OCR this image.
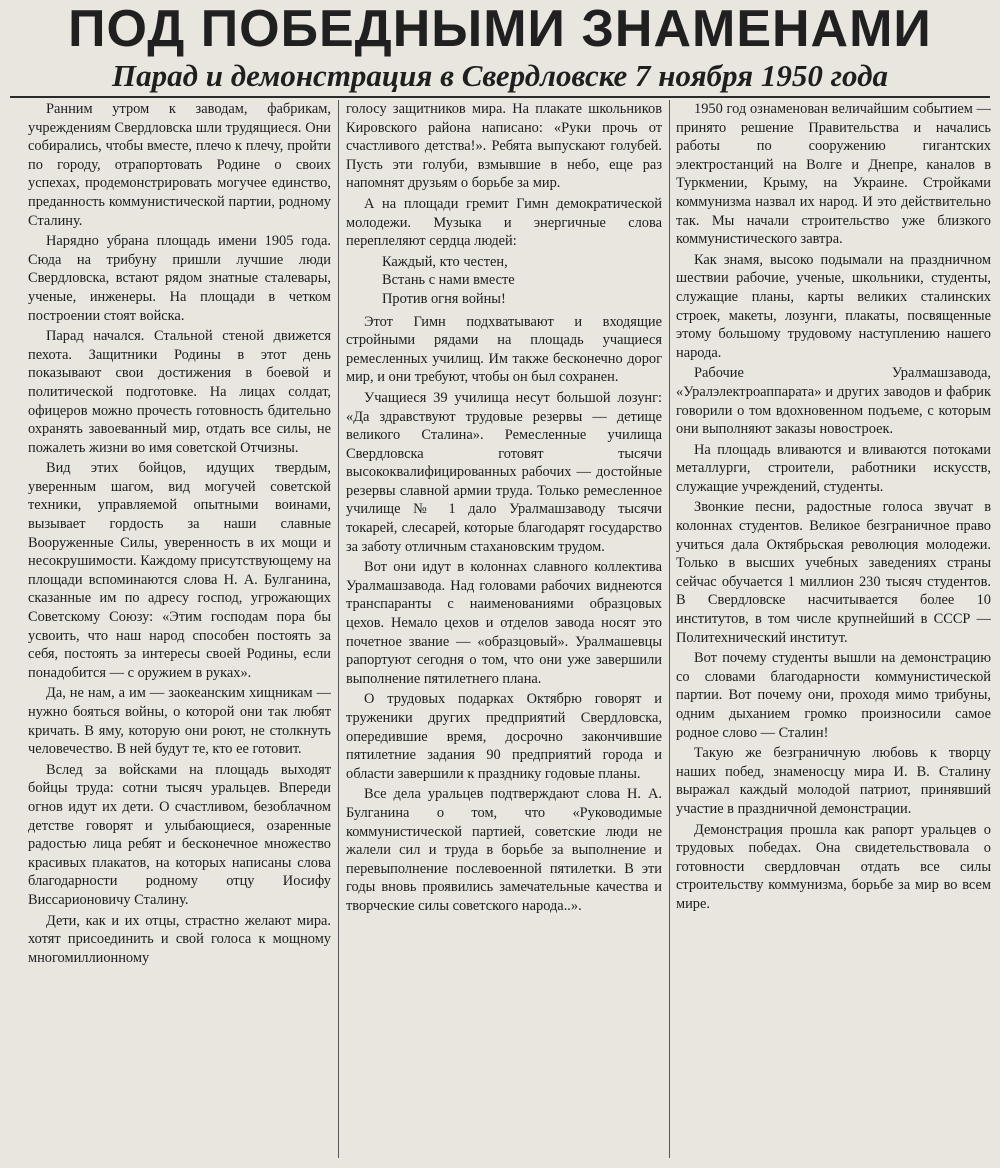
ПОД ПОБЕДНЫМИ ЗНАМЕНАМИ
Парад и демонстрация в Свердловске 7 ноября 1950 года

Ранним утром к заводам, фабрикам, учреждениям Свердловска шли трудящиеся. Они собирались, чтобы вместе, плечо к плечу, пройти по городу, отрапортовать Родине о своих успехах, продемонстрировать могучее единство, преданность коммунистической партии, родному Сталину.

Нарядно убрана площадь имени 1905 года. Сюда на трибуну пришли лучшие люди Свердловска, встают рядом знатные сталевары, ученые, инженеры. На площади в четком построении стоят войска.

Парад начался. Стальной стеной движется пехота. Защитники Родины в этот день показывают свои достижения в боевой и политической подготовке. На лицах солдат, офицеров можно прочесть готовность бдительно охранять завоеванный мир, отдать все силы, не пожалеть жизни во имя советской Отчизны.

Вид этих бойцов, идущих твердым, уверенным шагом, вид могучей советской техники, управляемой опытными воинами, вызывает гордость за наши славные Вооруженные Силы, уверенность в их мощи и несокрушимости. Каждому присутствующему на площади вспоминаются слова Н. А. Булганина, сказанные им по адресу господ, угрожающих Советскому Союзу: «Этим господам пора бы усвоить, что наш народ способен постоять за себя, постоять за интересы своей Родины, если понадобится — с оружием в руках».

Да, не нам, а им — заокеанским хищникам — нужно бояться войны, о которой они так любят кричать. В яму, которую они роют, не столкнуть человечество. В ней будут те, кто ее готовит.

Вслед за войсками на площадь выходят бойцы труда: сотни тысяч уральцев. Впереди огнов идут их дети. О счастливом, безоблачном детстве говорят и улыбающиеся, озаренные радостью лица ребят и бесконечное множество красивых плакатов, на которых написаны слова благодарности родному отцу Иосифу Виссарионовичу Сталину.

Дети, как и их отцы, страстно желают мира. хотят присоединить и свой голоса к мощному многомиллионному

голосу защитников мира. На плакате школьников Кировского района написано: «Руки прочь от счастливого детства!». Ребята выпускают голубей. Пусть эти голуби, взмывшие в небо, еще раз напомнят друзьям о борьбе за мир.

А на площади гремит Гимн демократической молодежи. Музыка и энергичные слова переплеляют сердца людей:

Каждый, кто честен,
Встань с нами вместе
Против огня войны!

Этот Гимн подхватывают и входящие стройными рядами на площадь учащиеся ремесленных училищ. Им также бесконечно дорог мир, и они требуют, чтобы он был сохранен.

Учащиеся 39 училища несут большой лозунг: «Да здравствуют трудовые резервы — детище великого Сталина». Ремесленные училища Свердловска готовят тысячи высококвалифицированных рабочих — достойные резервы славной армии труда. Только ремесленное училище № 1 дало Уралмашзаводу тысячи токарей, слесарей, которые благодарят государство за заботу отличным стахановским трудом.

Вот они идут в колоннах славного коллектива Уралмашзавода. Над головами рабочих виднеются транспаранты с наименованиями образцовых цехов. Немало цехов и отделов завода носят это почетное звание — «образцовый». Уралмашевцы рапортуют сегодня о том, что они уже завершили выполнение пятилетнего плана.

О трудовых подарках Октябрю говорят и труженики других предприятий Свердловска, опередившие время, досрочно закончившие пятилетние задания 90 предприятий города и области завершили к празднику годовые планы.

Все дела уральцев подтверждают слова Н. А. Булганина о том, что «Руководимые коммунистической партией, советские люди не жалели сил и труда в борьбе за выполнение и перевыполнение послевоенной пятилетки. В эти годы вновь проявились замечательные качества и творческие силы советского народа..».

1950 год ознаменован величайшим событием — принято решение Правительства и начались работы по сооружению гигантских электростанций на Волге и Днепре, каналов в Туркмении, Крыму, на Украине. Стройками коммунизма назвал их народ. И это действительно так. Мы начали строительство уже близкого коммунистического завтра.

Как знамя, высоко подымали на праздничном шествии рабочие, ученые, школьники, студенты, служащие планы, карты великих сталинских строек, макеты, лозунги, плакаты, посвященные этому большому трудовому наступлению нашего народа.

Рабочие Уралмашзавода, «Уралэлектроаппарата» и других заводов и фабрик говорили о том вдохновенном подъеме, с которым они выполняют заказы новостроек.

На площадь вливаются и вливаются потоками металлурги, строители, работники искусств, служащие учреждений, студенты.

Звонкие песни, радостные голоса звучат в колоннах студентов. Великое безграничное право учиться дала Октябрьская революция молодежи. Только в высших учебных заведениях страны сейчас обучается 1 миллион 230 тысяч студентов. В Свердловске насчитывается более 10 институтов, в том числе крупнейший в СССР — Политехнический институт.

Вот почему студенты вышли на демонстрацию со словами благодарности коммунистической партии. Вот почему они, проходя мимо трибуны, одним дыханием громко произносили самое родное слово — Сталин!

Такую же безграничную любовь к творцу наших побед, знаменосцу мира И. В. Сталину выражал каждый молодой патриот, принявший участие в праздничной демонстрации.

Демонстрация прошла как рапорт уральцев о трудовых победах. Она свидетельствовала о готовности свердловчан отдать все силы строительству коммунизма, борьбе за мир во всем мире.
